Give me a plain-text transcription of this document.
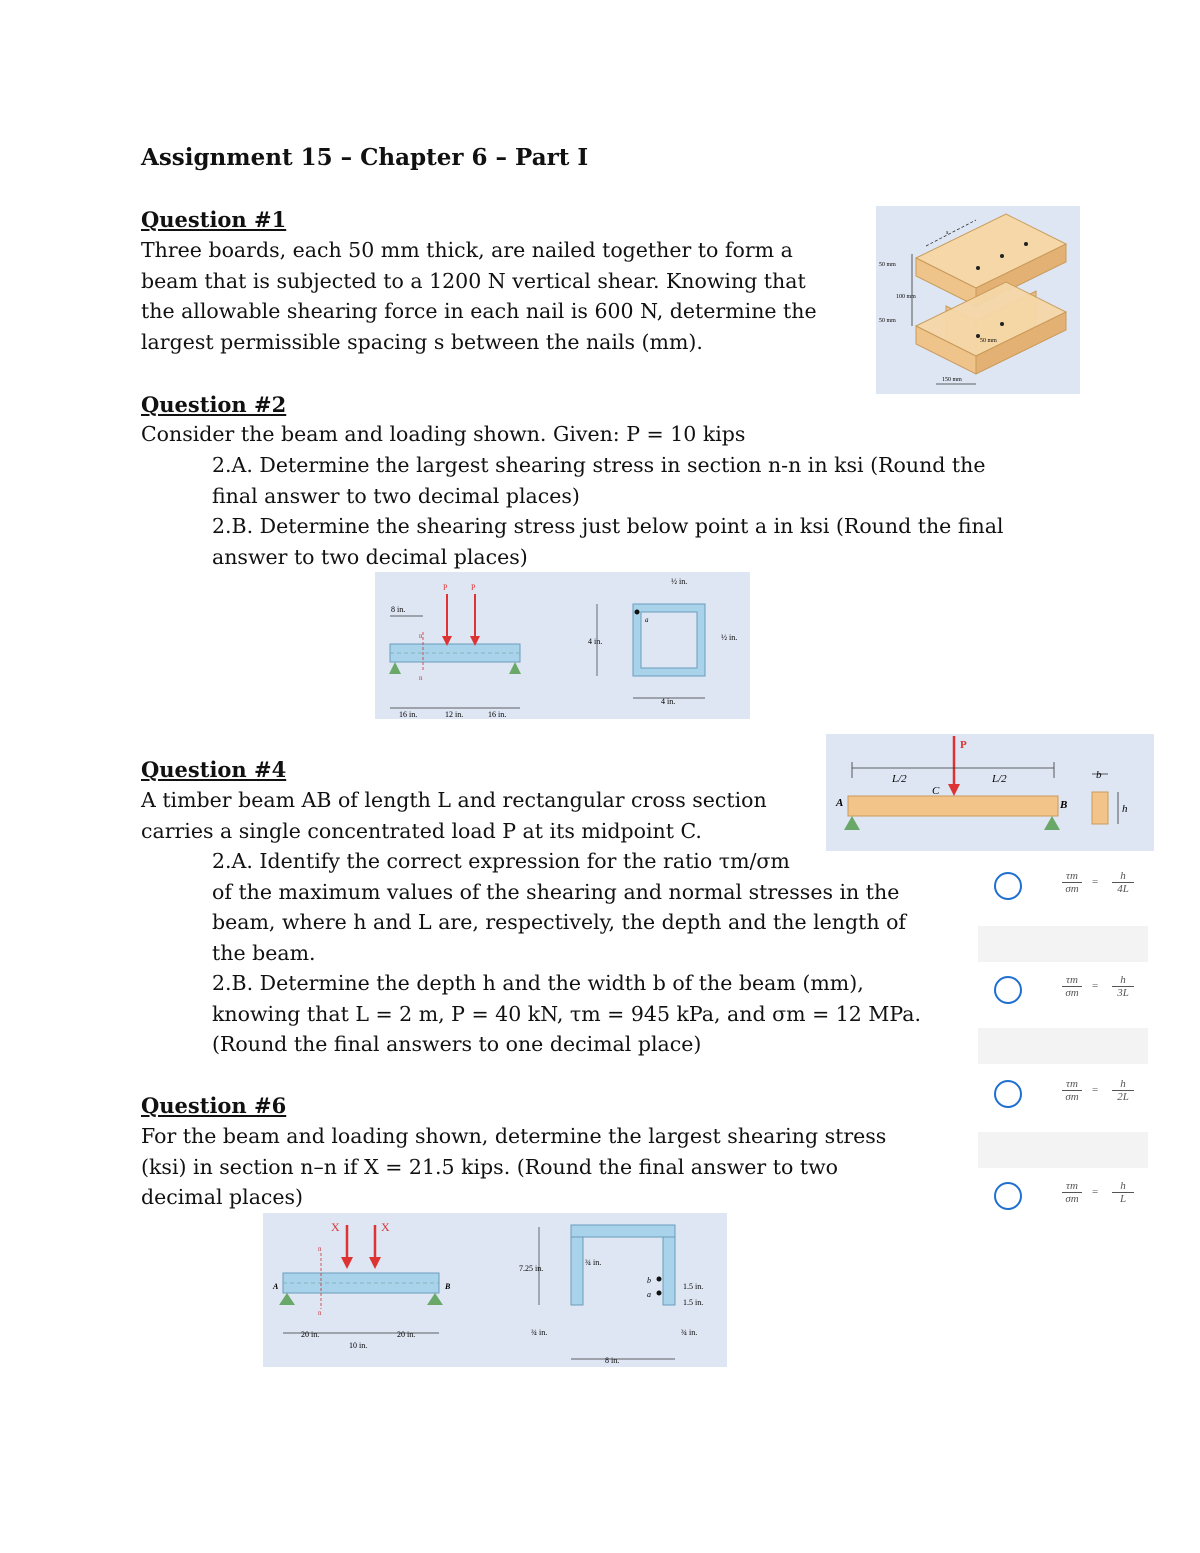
Assignment 15 – Chapter 6 – Part I
Question #1
Three boards, each 50 mm thick, are nailed together to form a
beam that is subjected to a 1200 N vertical shear. Knowing that
the allowable shearing force in each nail is 600 N, determine the
largest permissible spacing s between the nails (mm).
50 mm
100 mm
50 mm
50 mm
150 mm
s
Question #2
Consider the beam and loading shown. Given: P = 10 kips
2.A. Determine the largest shearing stress in section n-n in ksi (Round the
final answer to two decimal places)
2.B. Determine the shearing stress just below point a in ksi (Round the final
answer to two decimal places)
P	P
8 in.
n
n
16 in.	12 in.	16 in.
a
4 in.
4 in.
½ in.
½ in.
Question #4
A timber beam AB of length L and rectangular cross section
carries a single concentrated load P at its midpoint C.
2.A. Identify the correct expression for the ratio τm/σm
of the maximum values of the shearing and normal stresses in the
beam, where h and L are, respectively, the depth and the length of
the beam.
2.B. Determine the depth h and the width b of the beam (mm),
knowing that L = 2 m, P = 40 kN, τm = 945 kPa, and σm = 12 MPa.
(Round the final answers to one decimal place)
P
L/2	L/2
C
A	B
b
h
$\frac{\tau m}{\sigma m} = \frac{h}{4L}$
$\frac{\tau m}{\sigma m} = \frac{h}{3L}$
$\frac{\tau m}{\sigma m} = \frac{h}{2L}$
$\frac{\tau m}{\sigma m} = \frac{h}{L}$
Question #6
For the beam and loading shown, determine the largest shearing stress
(ksi) in section n–n if X = 21.5 kips. (Round the final answer to two
decimal places)
X	X
A	B
n
n
20 in.
10 in.
20 in.
b
a
7.25 in.
¾ in.
1.5 in.
1.5 in.
¾ in.	¾ in.
8 in.
